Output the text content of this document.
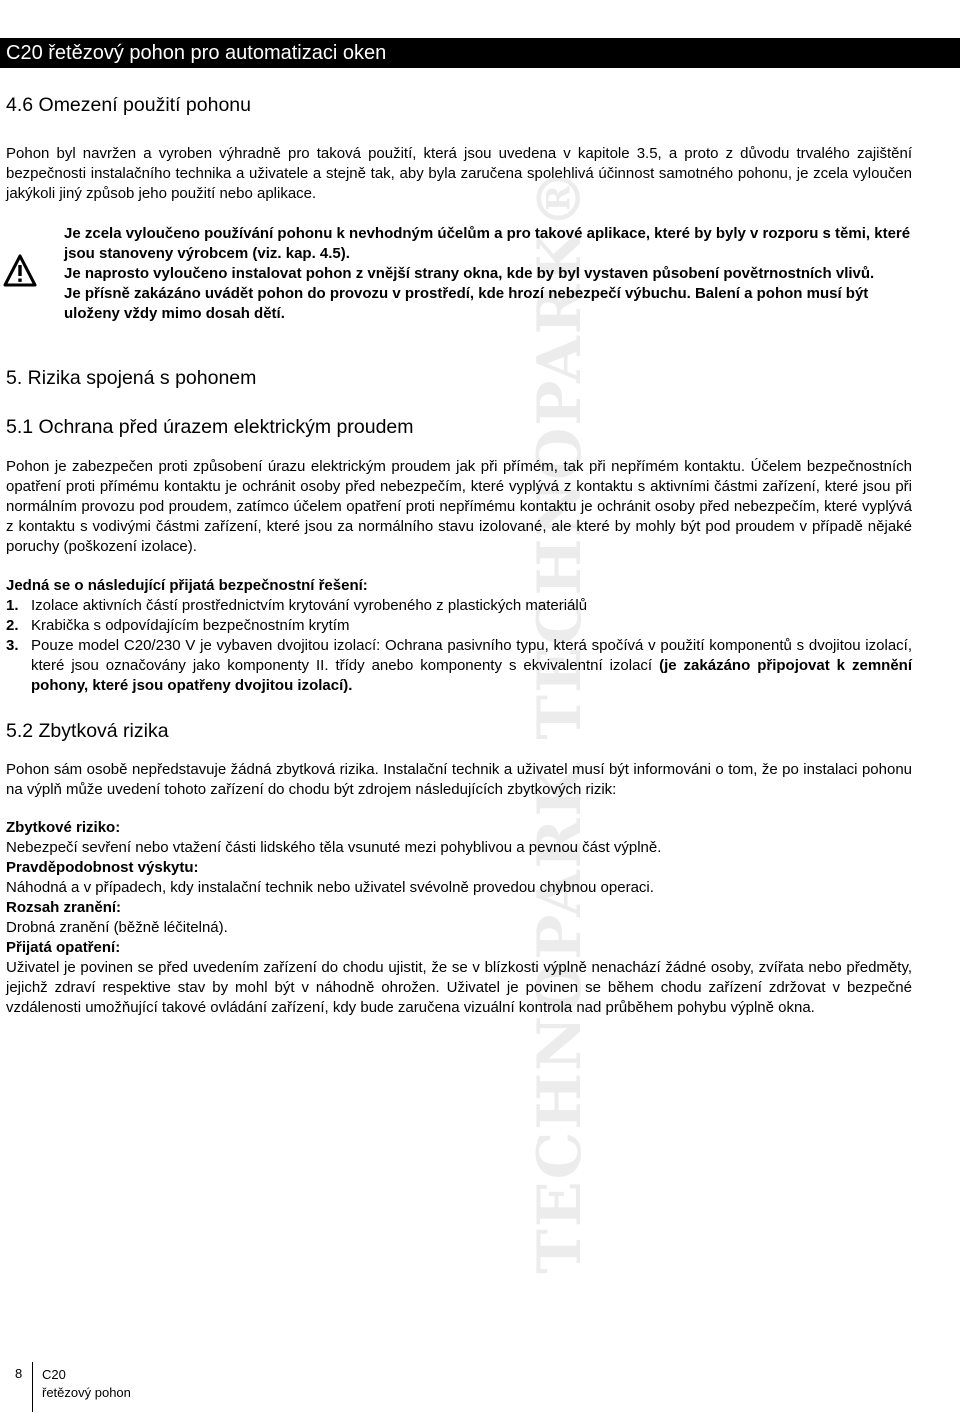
TECHNOPARK TECHNOPARK®
C20 řetězový pohon pro automatizaci oken
4.6 Omezení použití pohonu

Pohon byl navržen a vyroben výhradně pro taková použití, která jsou uvedena v kapitole 3.5, a proto z důvodu trvalého zajištění bezpečnosti instalačního technika a uživatele a stejně tak, aby byla zaručena spolehlivá účinnost samotného pohonu, je zcela vyloučen jakýkoli jiný způsob jeho použití nebo aplikace.

Je zcela vyloučeno používání pohonu k nevhodným účelům a pro takové aplikace, které by byly v rozporu s těmi, které jsou stanoveny výrobcem (viz. kap. 4.5).

Je naprosto vyloučeno instalovat pohon z vnější strany okna, kde by byl vystaven působení povětrnostních vlivů.

Je přísně zakázáno uvádět pohon do provozu v prostředí, kde hrozí nebezpečí výbuchu. Balení a pohon musí být uloženy vždy mimo dosah dětí.

5. Rizika spojená s pohonem
5.1 Ochrana před úrazem elektrickým proudem

Pohon je zabezpečen proti způsobení úrazu elektrickým proudem jak při přímém, tak při nepřímém kontaktu. Účelem bezpečnostních opatření proti přímému kontaktu je ochránit osoby před nebezpečím, které vyplývá z kontaktu s aktivními částmi zařízení, které jsou při normálním provozu pod proudem, zatímco účelem opatření proti nepřímému kontaktu je ochránit osoby před nebezpečím, které vyplývá z kontaktu s vodivými částmi zařízení, které jsou za normálního stavu izolované, ale které by mohly být pod proudem v případě nějaké poruchy (poškození izolace).

Jedná se o následující přijatá bezpečnostní řešení:

1. Izolace aktivních částí prostřednictvím krytování vyrobeného z plastických materiálů
2. Krabička s odpovídajícím bezpečnostním krytím
3. Pouze model C20/230 V je vybaven dvojitou izolací: Ochrana pasivního typu, která spočívá v použití komponentů s dvojitou izolací, které jsou označovány jako komponenty II. třídy anebo komponenty s ekvivalentní izolací (je zakázáno připojovat k zemnění pohony, které jsou opatřeny dvojitou izolací).
5.2 Zbytková rizika

Pohon sám osobě nepředstavuje žádná zbytková rizika. Instalační technik a uživatel musí být informováni o tom, že po instalaci pohonu na výplň může uvedení tohoto zařízení do chodu být zdrojem následujících zbytkových rizik:

Zbytkové riziko:

Nebezpečí sevření nebo vtažení části lidského těla vsunuté mezi pohyblivou a pevnou část výplně.

Pravděpodobnost výskytu:

Náhodná a v případech, kdy instalační technik nebo uživatel svévolně provedou chybnou operaci.

Rozsah zranění:

Drobná zranění (běžně léčitelná).

Přijatá opatření:

Uživatel je povinen se před uvedením zařízení do chodu ujistit, že se v blízkosti výplně nenachází žádné osoby, zvířata nebo předměty, jejichž zdraví respektive stav by mohl být v náhodně ohrožen. Uživatel je povinen se během chodu zařízení zdržovat v bezpečné vzdálenosti umožňující takové ovládání zařízení, kdy bude zaručena vizuální kontrola nad průběhem pohybu výplně okna.

8 C20
řetězový pohon
